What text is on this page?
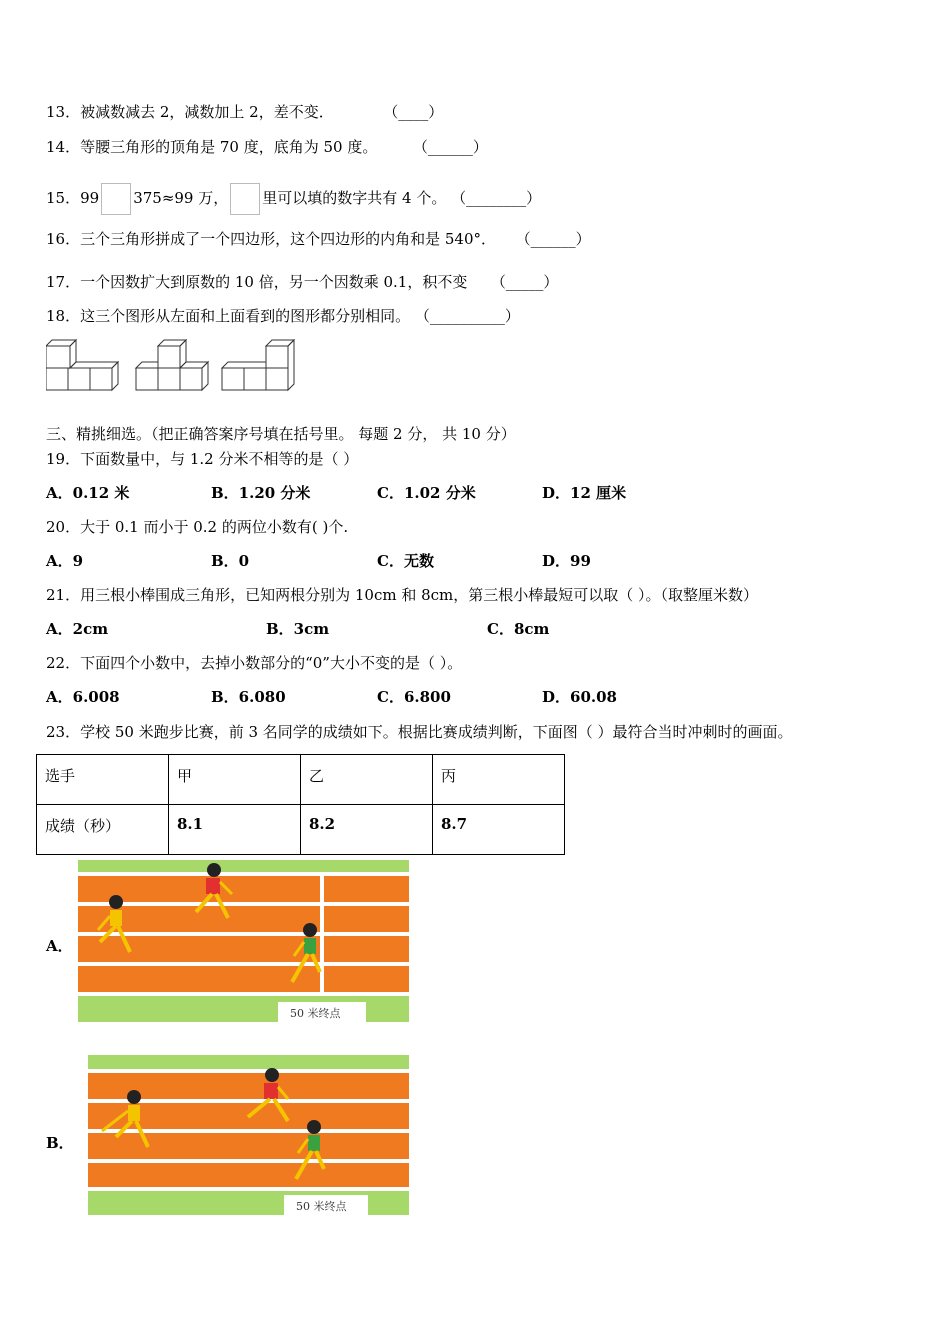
13．被减数减去 2，减数加上 2，差不变．	（____）
14．等腰三角形的顶角是 70 度，底角为 50 度。 （______）
15．99 375≈99 万， 里可以填的数字共有 4 个。 （________）
16．三个三角形拼成了一个四边形，这个四边形的内角和是 540°． （______）
17．一个因数扩大到原数的 10 倍，另一个因数乘 0.1，积不变 （_____）
18．这三个图形从左面和上面看到的图形都分别相同。 （__________）
三、精挑细选。（把正确答案序号填在括号里。 每题 2 分， 共 10 分）
19．下面数量中，与 1.2 分米不相等的是（ ）
A．0.12 米	B．1.20 分米	C．1.02 分米	D．12 厘米
20．大于 0.1 而小于 0.2 的两位小数有( )个.
A．9	B．0	C．无数	D．99
21．用三根小棒围成三角形，已知两根分别为 10cm 和 8cm，第三根小棒最短可以取（ ）。（取整厘米数）
A．2cm	B．3cm	C．8cm
22．下面四个小数中，去掉小数部分的“0”大小不变的是（ ）。
A．6.008	B．6.080	C．6.800	D．60.08
23．学校 50 米跑步比赛，前 3 名同学的成绩如下。根据比赛成绩判断，下面图（ ）最符合当时冲刺时的画面。
选手	甲	乙	丙
成绩（秒）	8.1	8.2	8.7
A．
50 米终点
B．
50 米终点
